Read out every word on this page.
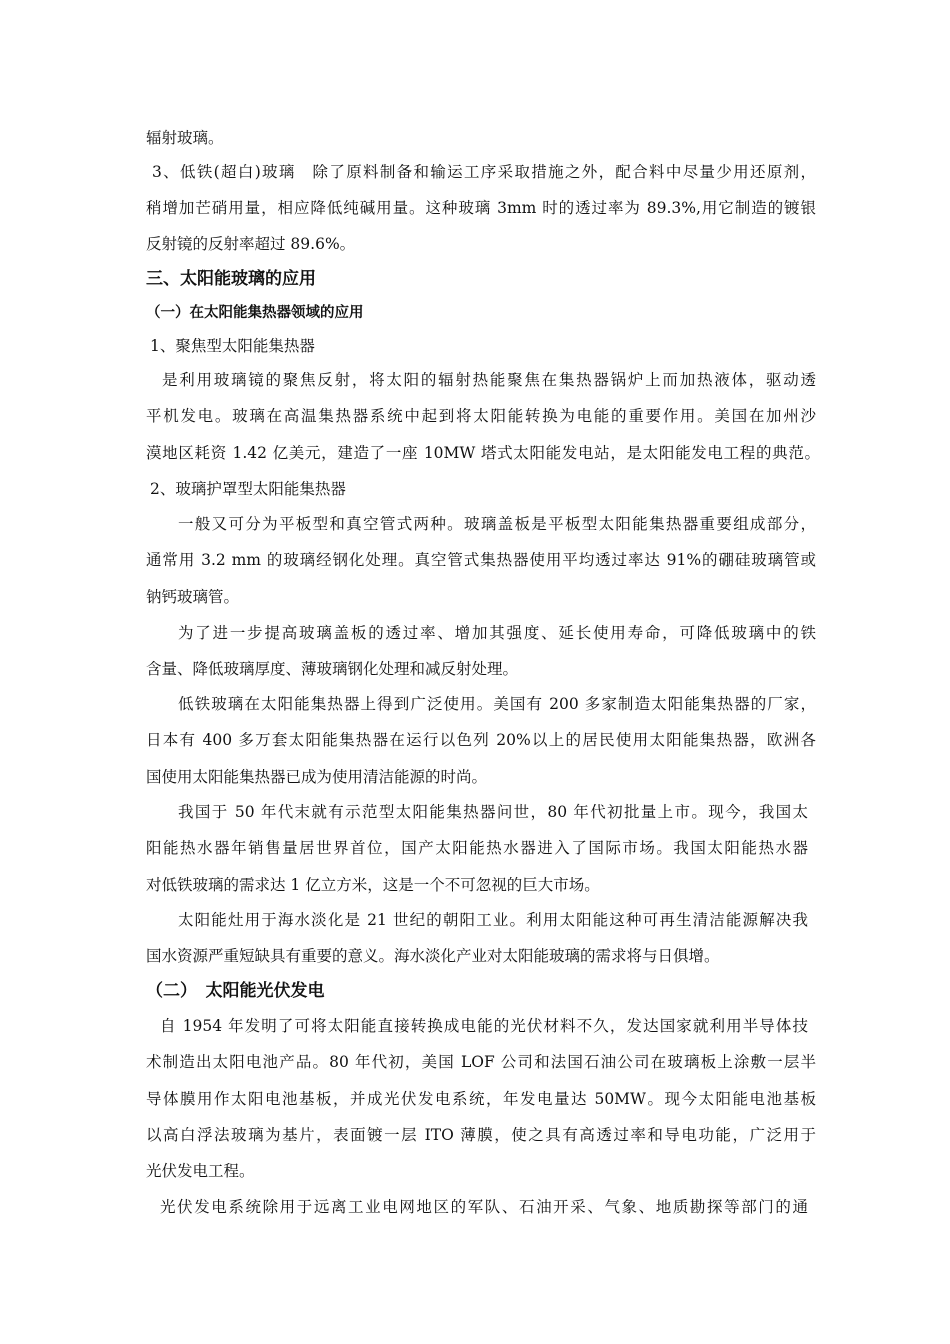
辐射玻璃。
3、低铁(超白)玻璃　除了原料制备和输运工序采取措施之外，配合料中尽量少用还原剂，
稍增加芒硝用量，相应降低纯碱用量。这种玻璃 3mm 时的透过率为 89.3%,用它制造的镀银
反射镜的反射率超过 89.6%。
三、太阳能玻璃的应用
（一）在太阳能集热器领域的应用
1、聚焦型太阳能集热器
是利用玻璃镜的聚焦反射，将太阳的辐射热能聚焦在集热器锅炉上而加热液体，驱动透
平机发电。玻璃在高温集热器系统中起到将太阳能转换为电能的重要作用。美国在加州沙
漠地区耗资 1.42 亿美元，建造了一座 10MW 塔式太阳能发电站，是太阳能发电工程的典范。
2、玻璃护罩型太阳能集热器
一般又可分为平板型和真空管式两种。玻璃盖板是平板型太阳能集热器重要组成部分，
通常用 3.2 mm 的玻璃经钢化处理。真空管式集热器使用平均透过率达 91%的硼硅玻璃管或
钠钙玻璃管。
为了进一步提高玻璃盖板的透过率、增加其强度、延长使用寿命，可降低玻璃中的铁
含量、降低玻璃厚度、薄玻璃钢化处理和减反射处理。
低铁玻璃在太阳能集热器上得到广泛使用。美国有 200 多家制造太阳能集热器的厂家，
日本有 400 多万套太阳能集热器在运行以色列 20%以上的居民使用太阳能集热器，欧洲各
国使用太阳能集热器已成为使用清洁能源的时尚。
我国于 50 年代末就有示范型太阳能集热器问世，80 年代初批量上市。现今，我国太
阳能热水器年销售量居世界首位，国产太阳能热水器进入了国际市场。我国太阳能热水器
对低铁玻璃的需求达 1 亿立方米，这是一个不可忽视的巨大市场。
太阳能灶用于海水淡化是 21 世纪的朝阳工业。利用太阳能这种可再生清洁能源解决我
国水资源严重短缺具有重要的意义。海水淡化产业对太阳能玻璃的需求将与日俱增。
（二）　太阳能光伏发电
自 1954 年发明了可将太阳能直接转换成电能的光伏材料不久，发达国家就利用半导体技
术制造出太阳电池产品。80 年代初，美国 LOF 公司和法国石油公司在玻璃板上涂敷一层半
导体膜用作太阳电池基板，并成光伏发电系统，年发电量达 50MW。现今太阳能电池基板
以高白浮法玻璃为基片，表面镀一层 ITO 薄膜，使之具有高透过率和导电功能，广泛用于
光伏发电工程。
光伏发电系统除用于远离工业电网地区的军队、石油开采、气象、地质勘探等部门的通
